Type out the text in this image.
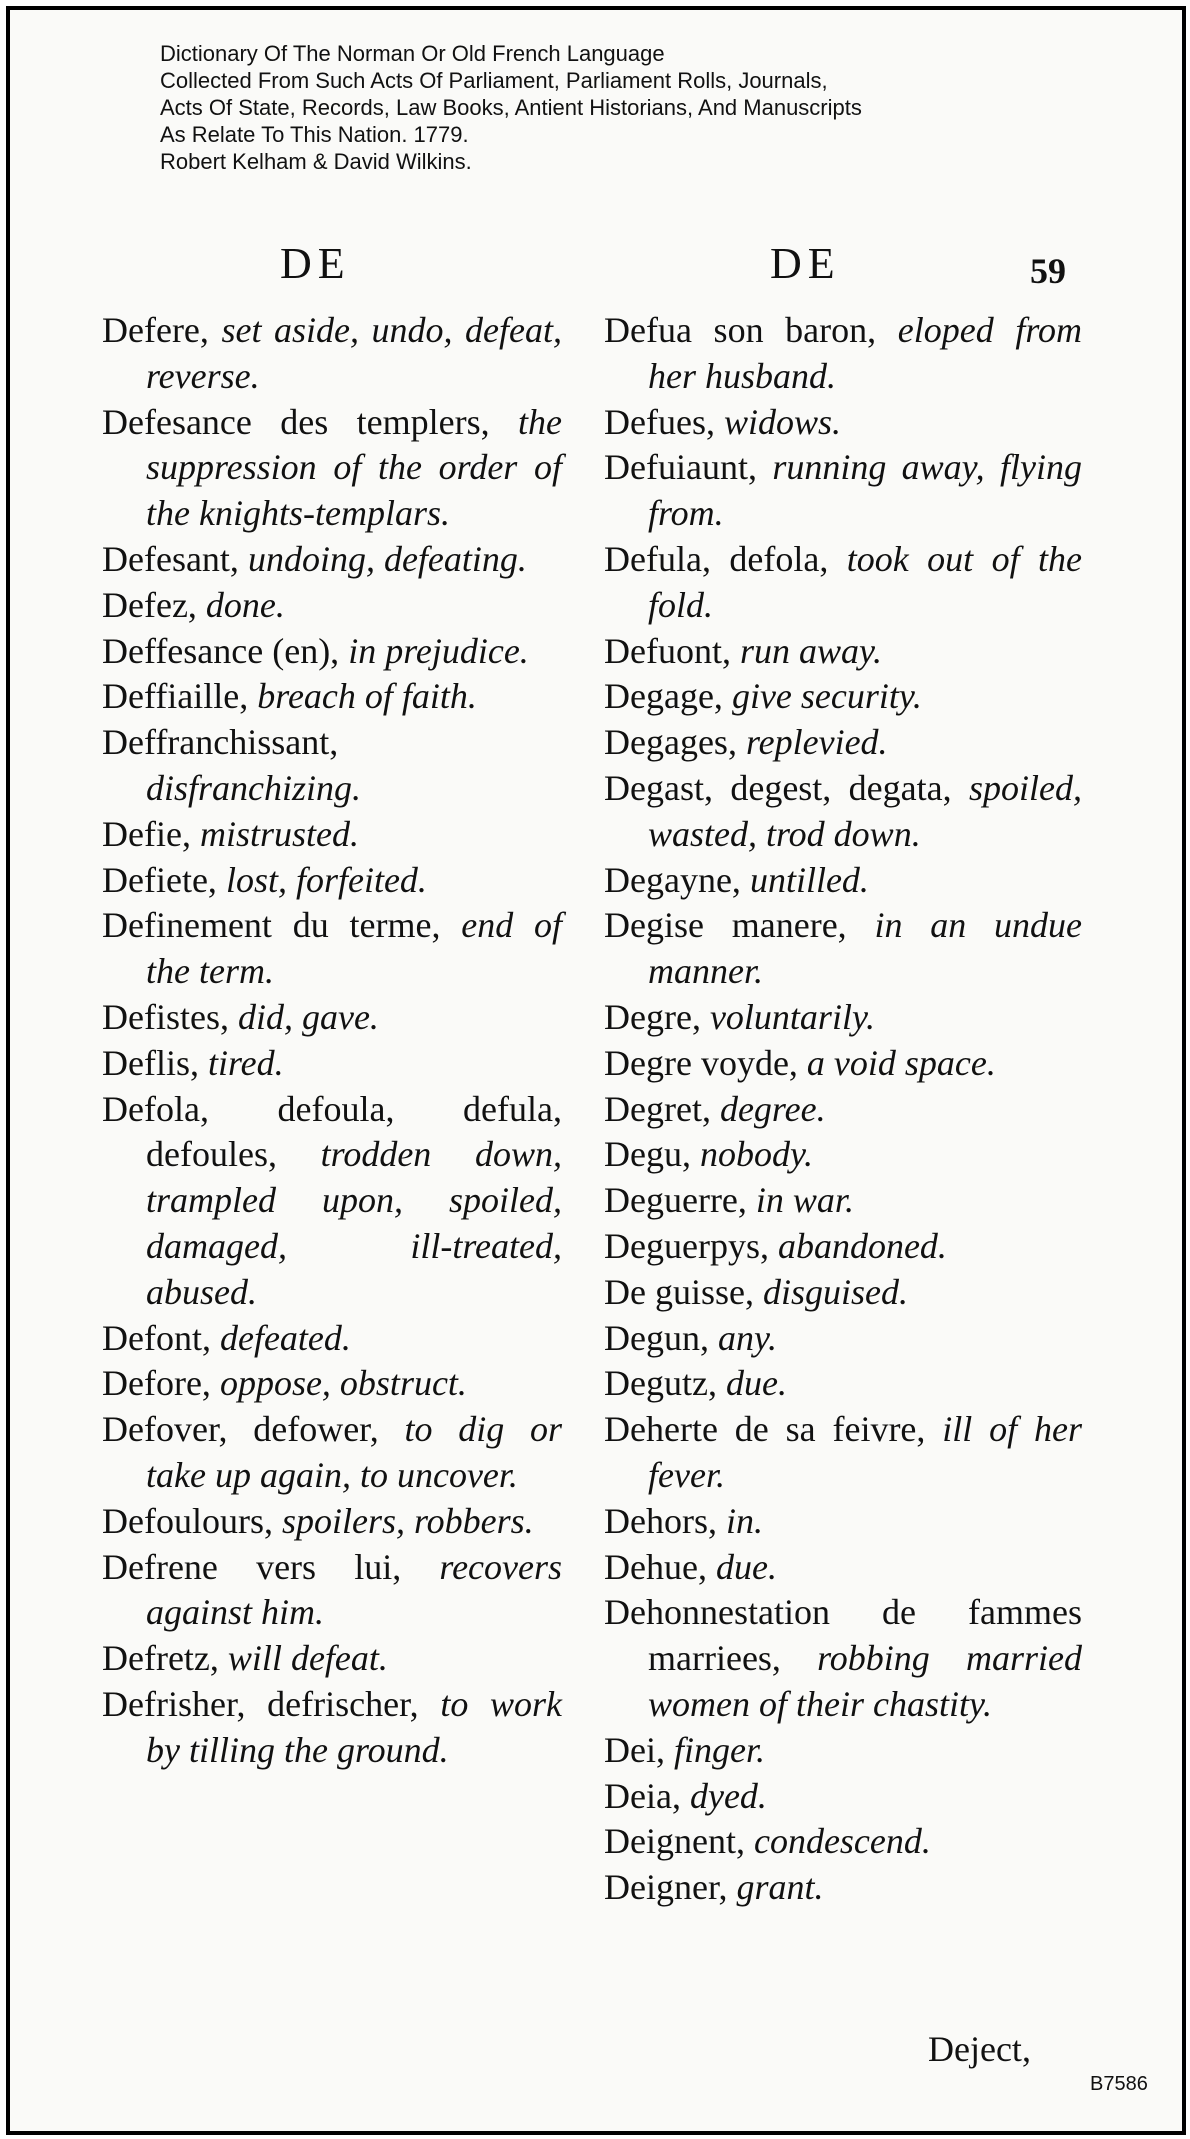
Dictionary Of The Norman Or Old French Language
Collected From Such Acts Of Parliament, Parliament Rolls, Journals,
Acts Of State, Records, Law Books, Antient Historians, And Manuscripts
As Relate To This Nation. 1779.
Robert Kelham & David Wilkins.
DE	DE	59
Defere, set aside, undo, defeat, reverse.
Defesance des templers, the suppression of the order of the knights-templars.
Defesant, undoing, defeating.
Defez, done.
Deffesance (en), in prejudice.
Deffiaille, breach of faith.
Deffranchissant, disfranchizing.
Defie, mistrusted.
Defiete, lost, forfeited.
Definement du terme, end of the term.
Defistes, did, gave.
Deflis, tired.
Defola, defoula, defula, defoules, trodden down, trampled upon, spoiled, damaged, ill-treated, abused.
Defont, defeated.
Defore, oppose, obstruct.
Defover, defower, to dig or take up again, to uncover.
Defoulours, spoilers, robbers.
Defrene vers lui, recovers against him.
Defretz, will defeat.
Defrisher, defrischer, to work by tilling the ground.
Defua son baron, eloped from her husband.
Defues, widows.
Defuiaunt, running away, flying from.
Defula, defola, took out of the fold.
Defuont, run away.
Degage, give security.
Degages, replevied.
Degast, degest, degata, spoiled, wasted, trod down.
Degayne, untilled.
Degise manere, in an undue manner.
Degre, voluntarily.
Degre voyde, a void space.
Degret, degree.
Degu, nobody.
Deguerre, in war.
Deguerpys, abandoned.
De guisse, disguised.
Degun, any.
Degutz, due.
Deherte de sa feivre, ill of her fever.
Dehors, in.
Dehue, due.
Dehonnestation de fammes marriees, robbing married women of their chastity.
Dei, finger.
Deia, dyed.
Deignent, condescend.
Deigner, grant.
Deject,
B7586
